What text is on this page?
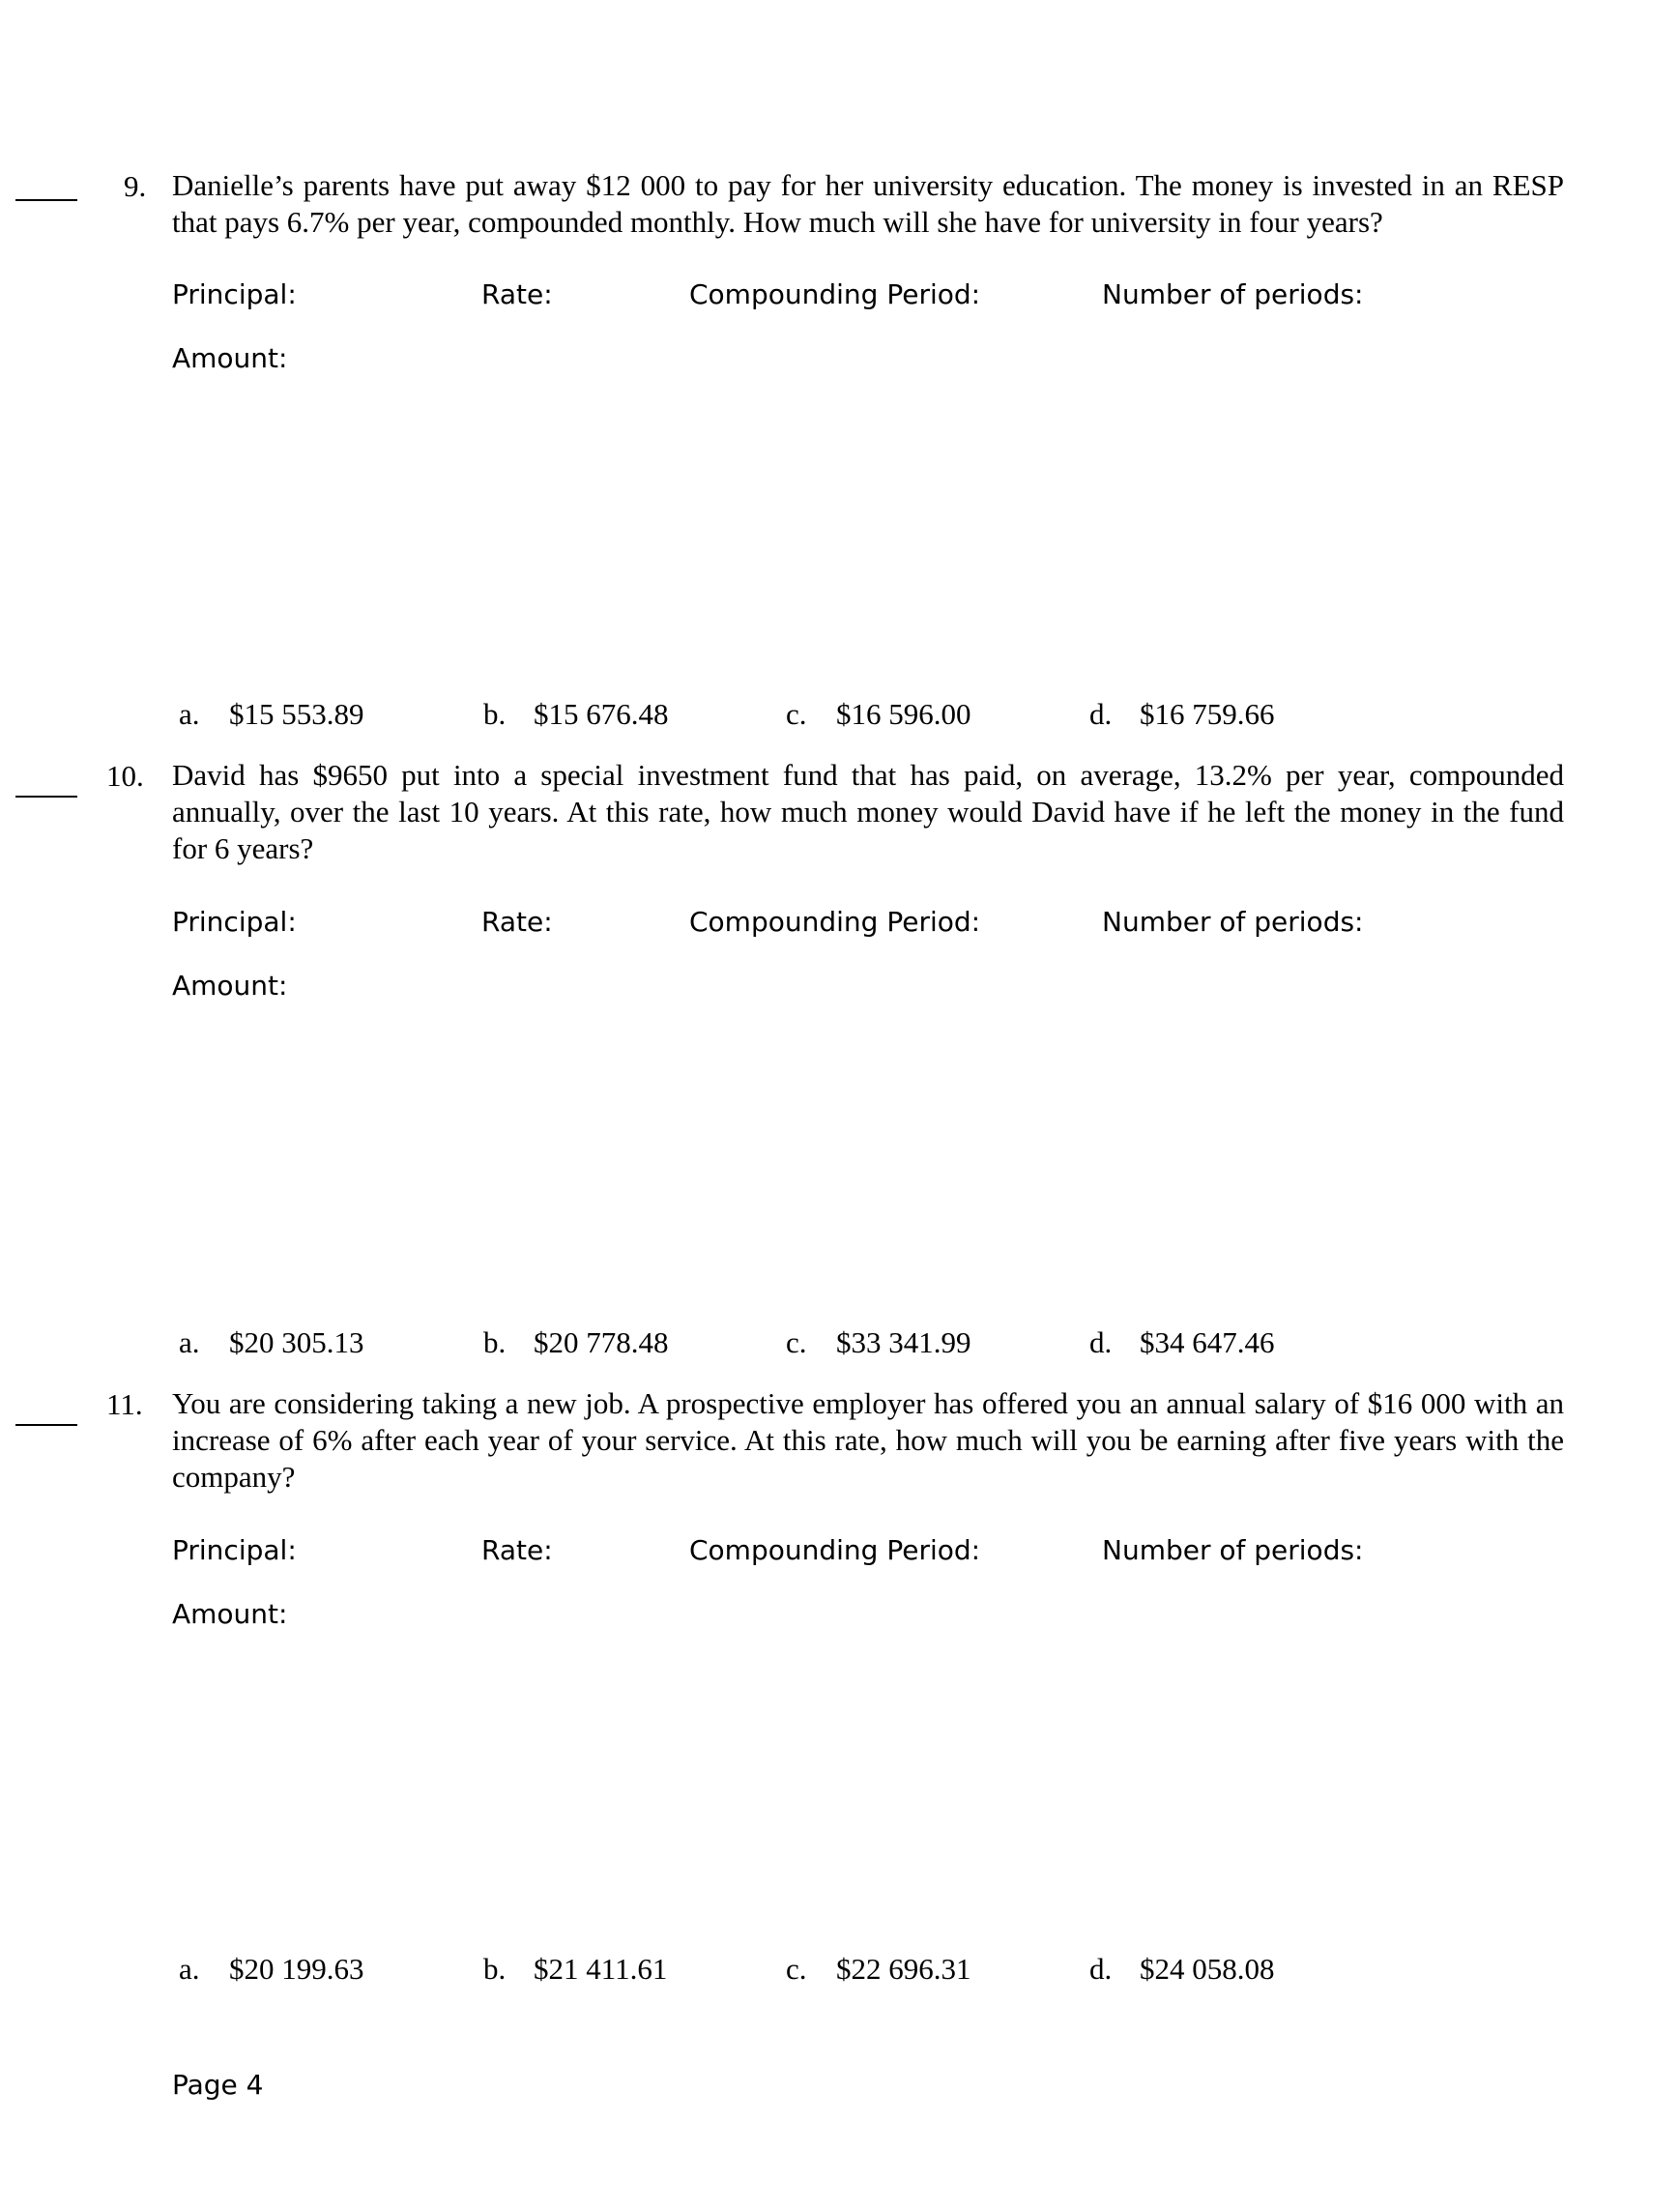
9. Danielle’s parents have put away $12 000 to pay for her university education. The money is invested in an RESP that pays 6.7% per year, compounded monthly. How much will she have for university in four years?
Principal:	Rate:	Compounding Period:	Number of periods:
Amount:
a. $15 553.89	b. $15 676.48	c. $16 596.00	d. $16 759.66
10. David has $9650 put into a special investment fund that has paid, on average, 13.2% per year, compounded annually, over the last 10 years. At this rate, how much money would David have if he left the money in the fund for 6 years?
Principal:	Rate:	Compounding Period:	Number of periods:
Amount:
a. $20 305.13	b. $20 778.48	c. $33 341.99	d. $34 647.46
11. You are considering taking a new job. A prospective employer has offered you an annual salary of $16 000 with an increase of 6% after each year of your service. At this rate, how much will you be earning after five years with the company?
Principal:	Rate:	Compounding Period:	Number of periods:
Amount:
a. $20 199.63	b. $21 411.61	c. $22 696.31	d. $24 058.08
Page 4
